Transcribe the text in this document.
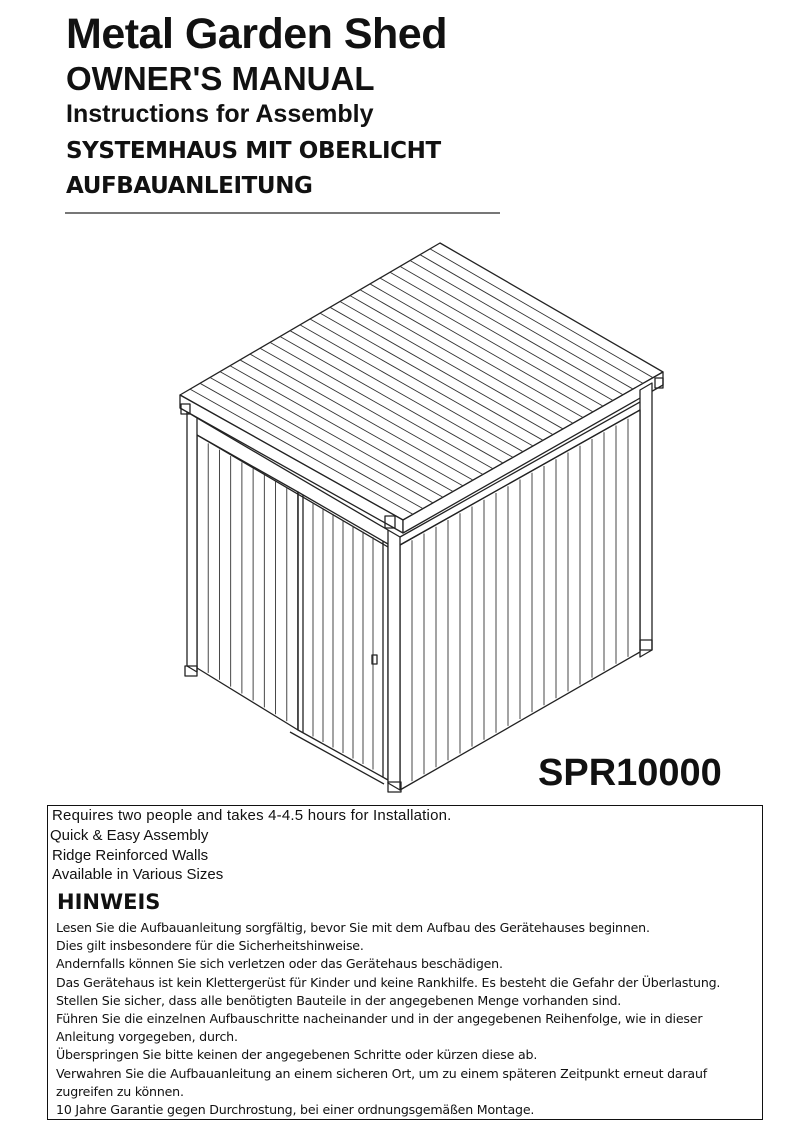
Metal Garden Shed
OWNER'S MANUAL
Instructions for Assembly
SYSTEMHAUS MIT OBERLICHT
AUFBAUANLEITUNG
SPR10000
Requires two people and takes 4-4.5 hours for Installation.
Quick & Easy Assembly
Ridge Reinforced Walls
Available in Various Sizes
HINWEIS
Lesen Sie die Aufbauanleitung sorgfältig, bevor Sie mit dem Aufbau des Gerätehauses beginnen.
Dies gilt insbesondere für die Sicherheitshinweise.
Andernfalls können Sie sich verletzen oder das Gerätehaus beschädigen.
Das Gerätehaus ist kein Klettergerüst für Kinder und keine Rankhilfe. Es besteht die Gefahr der Überlastung.
Stellen Sie sicher, dass alle benötigten Bauteile in der angegebenen Menge vorhanden sind.
Führen Sie die einzelnen Aufbauschritte nacheinander und in der angegebenen Reihenfolge, wie in dieser
Anleitung vorgegeben, durch.
Überspringen Sie bitte keinen der angegebenen Schritte oder kürzen diese ab.
Verwahren Sie die Aufbauanleitung an einem sicheren Ort, um zu einem späteren Zeitpunkt erneut darauf
zugreifen zu können.
10 Jahre Garantie gegen Durchrostung, bei einer ordnungsgemäßen Montage.
